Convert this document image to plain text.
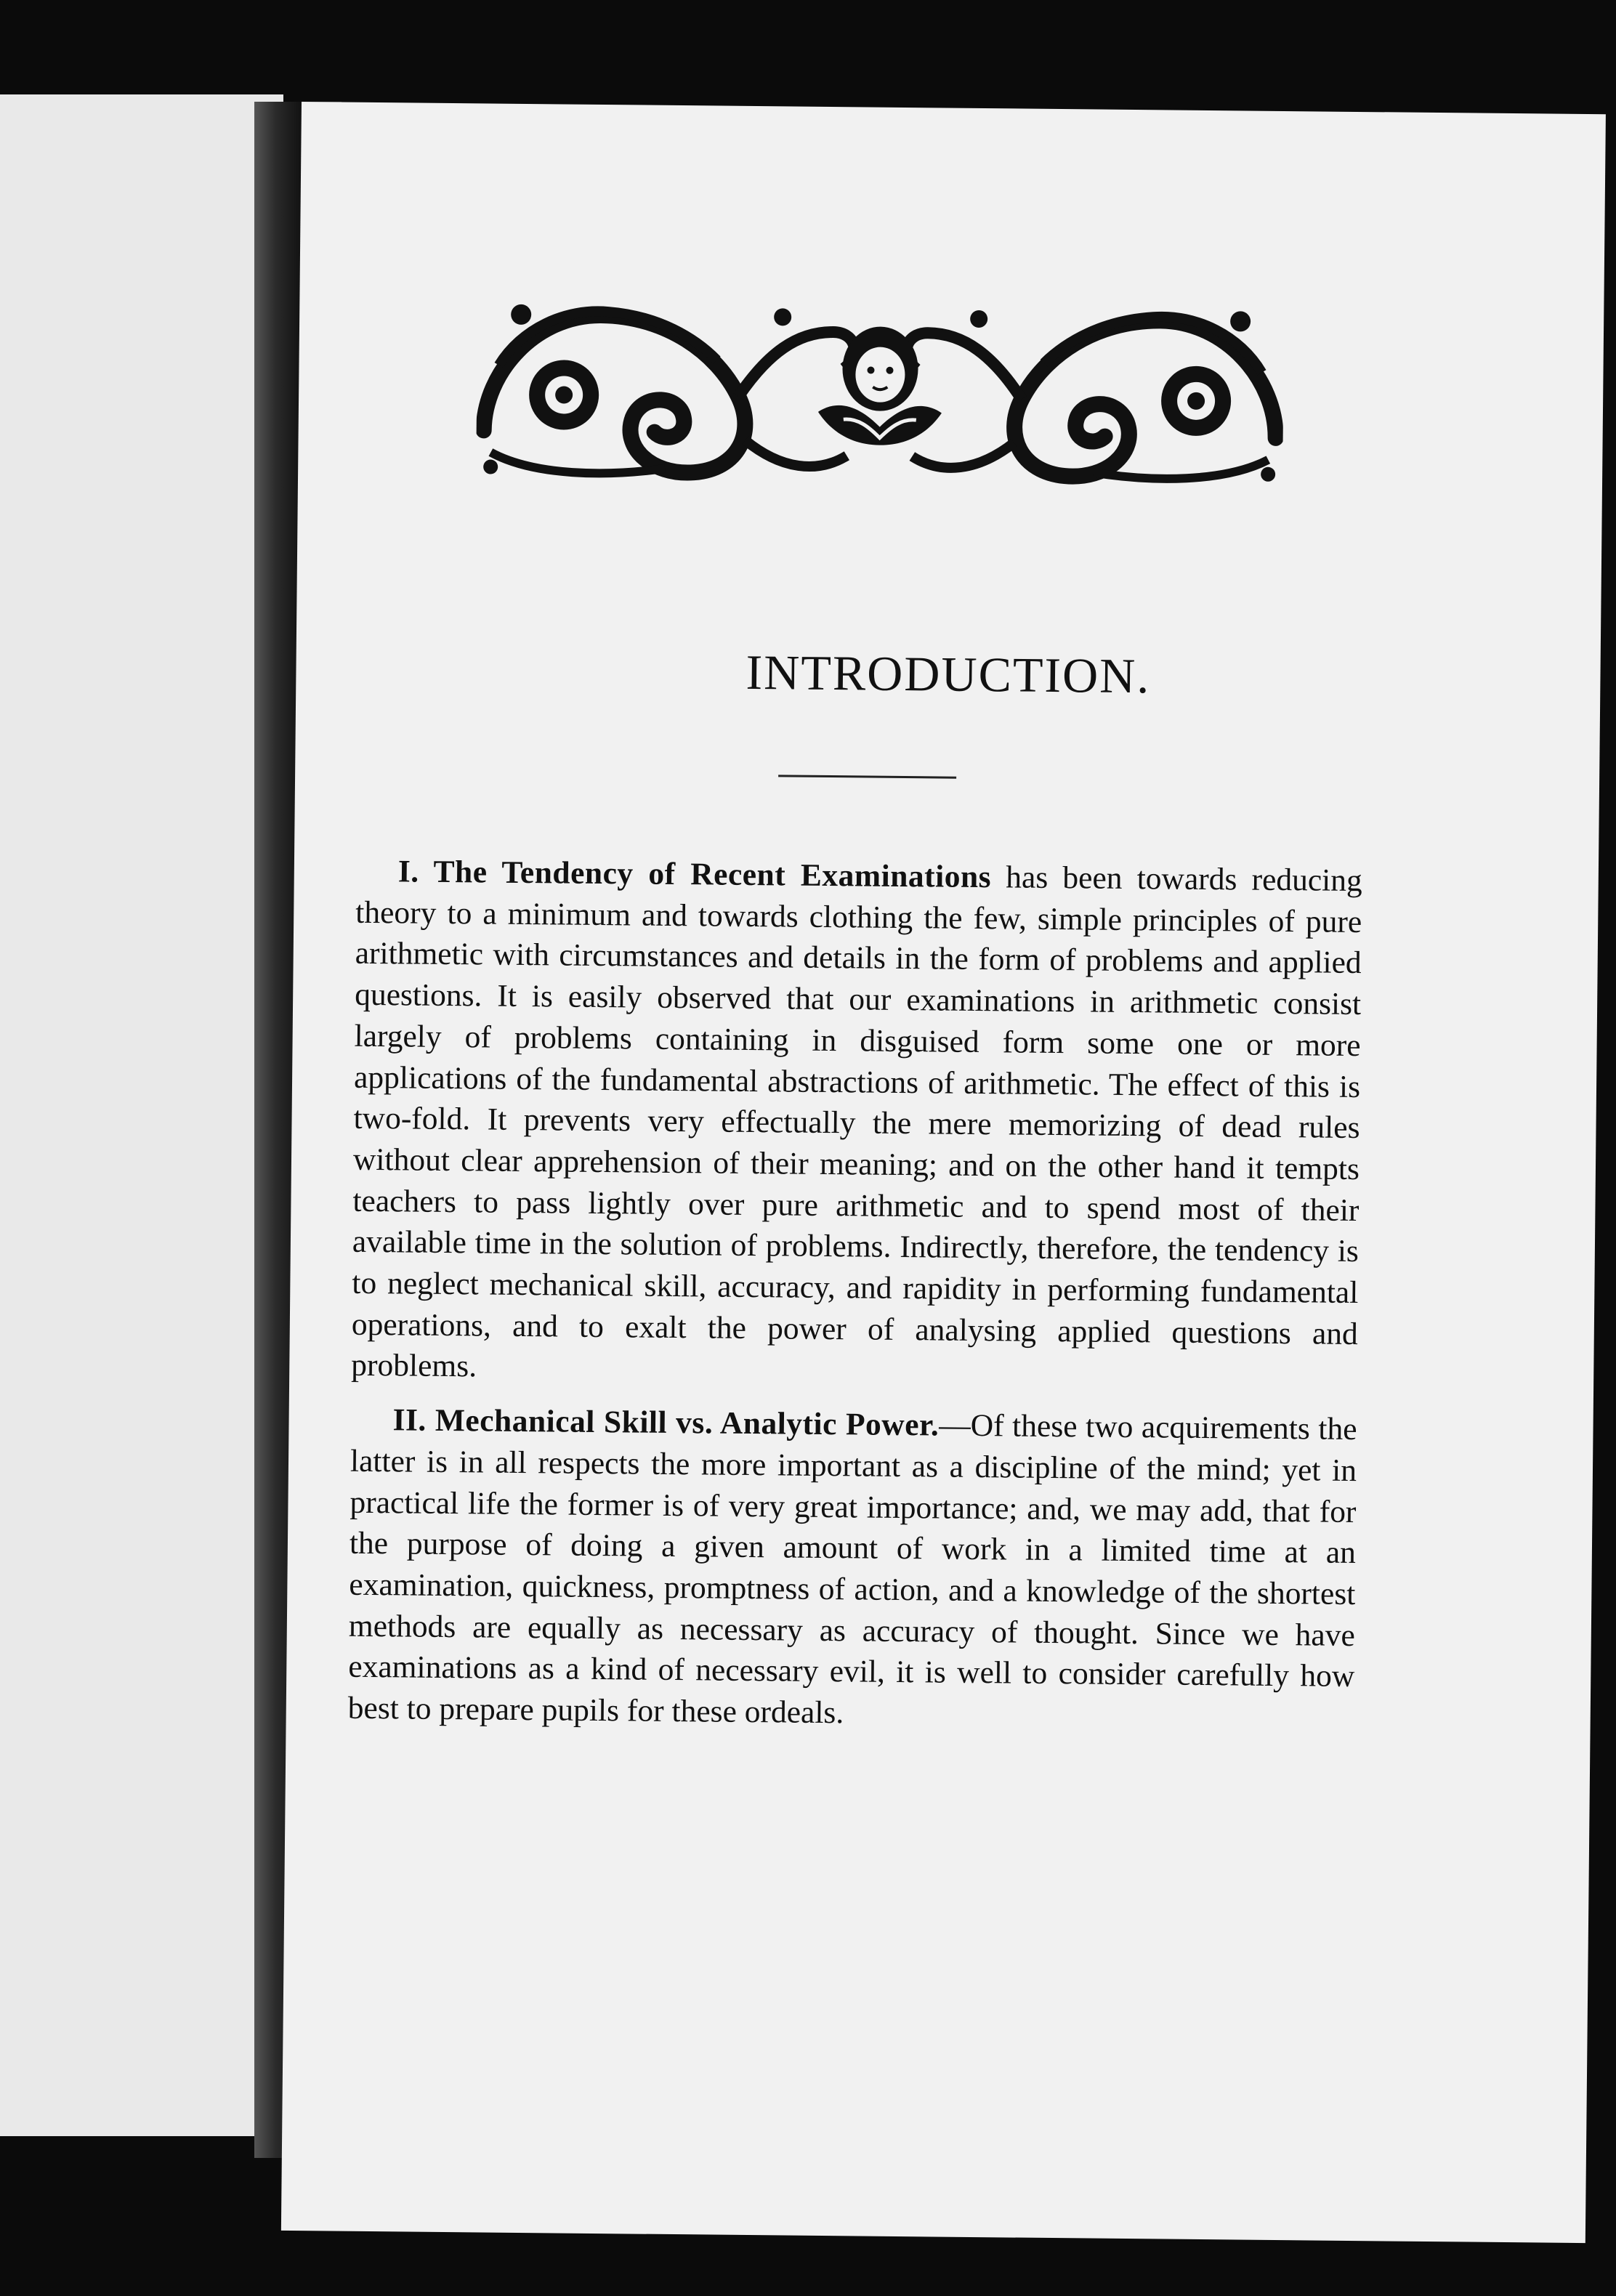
INTRODUCTION.

I. The Tendency of Recent Examinations has been towards reducing theory to a minimum and towards clothing the few, simple principles of pure arithmetic with circumstances and details in the form of problems and applied questions. It is easily observed that our examinations in arithmetic consist largely of problems containing in disguised form some one or more applications of the fundamental abstractions of arithmetic. The effect of this is two-fold. It prevents very effectually the mere memorizing of dead rules without clear apprehension of their meaning; and on the other hand it tempts teachers to pass lightly over pure arithmetic and to spend most of their available time in the solution of problems. Indirectly, therefore, the tendency is to neglect mechanical skill, accuracy, and rapidity in performing fundamental operations, and to exalt the power of analysing applied questions and problems.

II. Mechanical Skill vs. Analytic Power.—Of these two acquirements the latter is in all respects the more important as a discipline of the mind; yet in practical life the former is of very great importance; and, we may add, that for the purpose of doing a given amount of work in a limited time at an examination, quickness, promptness of action, and a knowledge of the shortest methods are equally as necessary as accuracy of thought. Since we have examinations as a kind of necessary evil, it is well to consider carefully how best to prepare pupils for these ordeals.
